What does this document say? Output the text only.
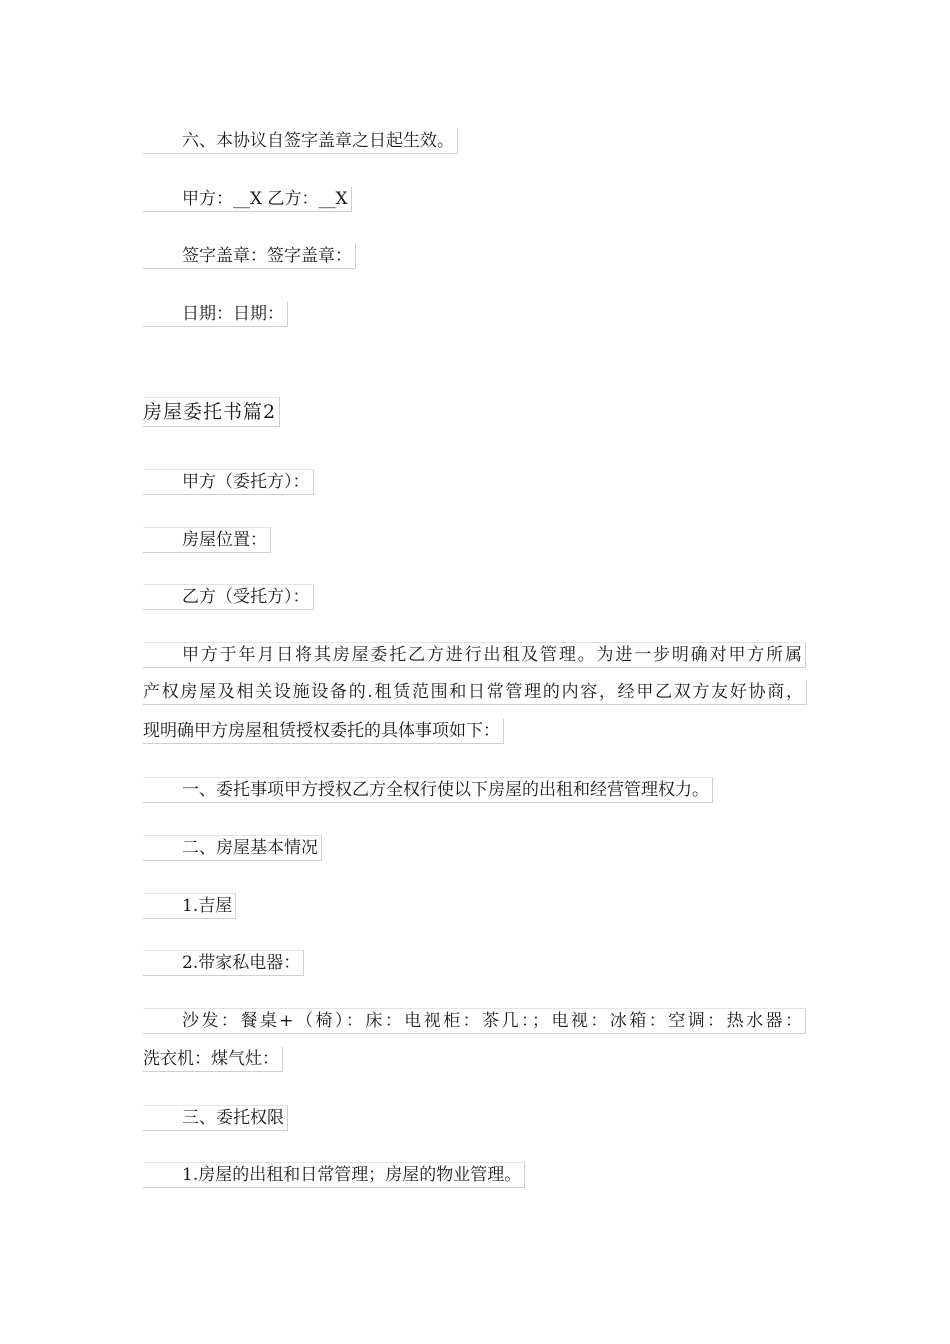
六、本协议自签字盖章之日起生效。
甲方：__X 乙方：__X
签字盖章：签字盖章：
日期：日期：
房屋委托书篇2
甲方（委托方）：
房屋位置：
乙方（受托方）：
甲方于年月日将其房屋委托乙方进行出租及管理。为进一步明确对甲方所属
产权房屋及相关设施设备的.租赁范围和日常管理的内容，经甲乙双方友好协商，
现明确甲方房屋租赁授权委托的具体事项如下：
一、委托事项甲方授权乙方全权行使以下房屋的出租和经营管理权力。
二、房屋基本情况
1.吉屋
2.带家私电器：
沙发：餐桌+（椅）：床：电视柜：茶几：；电视：冰箱：空调：热水器：
洗衣机：煤气灶：
三、委托权限
1.房屋的出租和日常管理；房屋的物业管理。
